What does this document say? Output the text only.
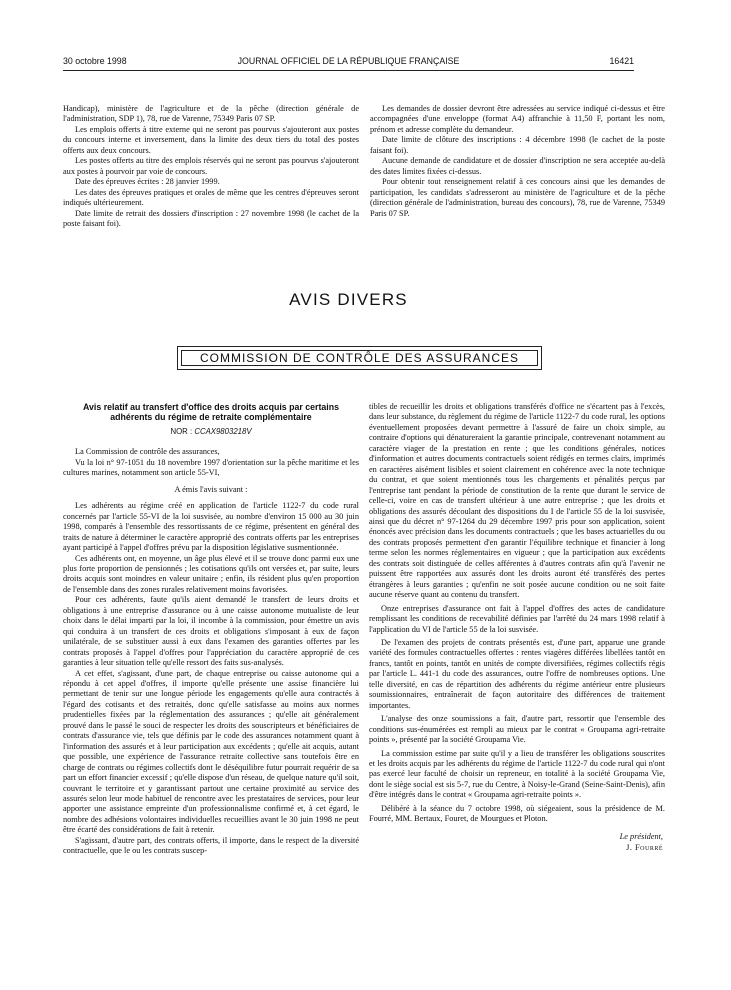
30 octobre 1998	JOURNAL OFFICIEL DE LA RÉPUBLIQUE FRANÇAISE	16421

Handicap), ministère de l'agriculture et de la pêche (direction générale de l'administration, SDP 1), 78, rue de Varenne, 75349 Paris 07 SP.

Les emplois offerts à titre externe qui ne seront pas pourvus s'ajouteront aux postes du concours interne et inversement, dans la limite des deux tiers du total des postes offerts aux deux concours.

Les postes offerts au titre des emplois réservés qui ne seront pas pourvus s'ajouteront aux postes à pourvoir par voie de concours.

Date des épreuves écrites : 28 janvier 1999.

Les dates des épreuves pratiques et orales de même que les centres d'épreuves seront indiqués ultérieurement.

Date limite de retrait des dossiers d'inscription : 27 novembre 1998 (le cachet de la poste faisant foi).

Les demandes de dossier devront être adressées au service indiqué ci-dessus et être accompagnées d'une enveloppe (format A4) affranchie à 11,50 F, portant les nom, prénom et adresse complète du demandeur.

Date limite de clôture des inscriptions : 4 décembre 1998 (le cachet de la poste faisant foi).

Aucune demande de candidature et de dossier d'inscription ne sera acceptée au-delà des dates limites fixées ci-dessus.

Pour obtenir tout renseignement relatif à ces concours ainsi que les demandes de participation, les candidats s'adresseront au ministère de l'agriculture et de la pêche (direction générale de l'administration, bureau des concours), 78, rue de Varenne, 75349 Paris 07 SP.

AVIS DIVERS
COMMISSION DE CONTRÔLE DES ASSURANCES
Avis relatif au transfert d'office des droits acquis par certains adhérents du régime de retraite complémentaire
NOR : CCAX9803218V

La Commission de contrôle des assurances,

Vu la loi n° 97-1051 du 18 novembre 1997 d'orientation sur la pêche maritime et les cultures marines, notamment son article 55-VI,

A émis l'avis suivant :

Les adhérents au régime créé en application de l'article 1122-7 du code rural concernés par l'article 55-VI de la loi susvisée, au nombre d'environ 15 000 au 30 juin 1998, comparés à l'ensemble des ressortissants de ce régime, présentent en général des traits de nature à déterminer le caractère approprié des contrats offerts par les entreprises ayant participé à l'appel d'offres prévu par la disposition législative susmentionnée.

Ces adhérents ont, en moyenne, un âge plus élevé et il se trouve donc parmi eux une plus forte proportion de pensionnés ; les cotisations qu'ils ont versées et, par suite, leurs droits acquis sont moindres en valeur unitaire ; enfin, ils résident plus qu'en proportion de l'ensemble dans des zones rurales relativement moins favorisées.

Pour ces adhérents, faute qu'ils aient demandé le transfert de leurs droits et obligations à une entreprise d'assurance ou à une caisse autonome mutualiste de leur choix dans le délai imparti par la loi, il incombe à la commission, pour émettre un avis qui conduira à un transfert de ces droits et obligations s'imposant à eux de façon unilatérale, de se substituer aussi à eux dans l'examen des garanties offertes par les contrats proposés à l'appel d'offres pour l'appréciation du caractère approprié de ces garanties à leur situation telle qu'elle ressort des faits sus-analysés.

A cet effet, s'agissant, d'une part, de chaque entreprise ou caisse autonome qui a répondu à cet appel d'offres, il importe qu'elle présente une assise financière lui permettant de tenir sur une longue période les engagements qu'elle aura contractés à l'égard des cotisants et des retraités, donc qu'elle satisfasse au moins aux normes prudentielles fixées par la réglementation des assurances ; qu'elle ait généralement prouvé dans le passé le souci de respecter les droits des souscripteurs et bénéficiaires de contrats d'assurance vie, tels que définis par le code des assurances notamment quant à l'information des assurés et à leur participation aux excédents ; qu'elle ait acquis, autant que possible, une expérience de l'assurance retraite collective sans toutefois être en charge de contrats ou régimes collectifs dont le déséquilibre futur pourrait requérir de sa part un effort financier excessif ; qu'elle dispose d'un réseau, de quelque nature qu'il soit, couvrant le territoire et y garantissant partout une certaine proximité au service des assurés selon leur mode habituel de rencontre avec les prestataires de services, pour leur apporter une assistance empreinte d'un professionnalisme confirmé et, à cet égard, le nombre des adhésions volontaires individuelles recueillies avant le 30 juin 1998 ne peut être écarté des considérations de fait à retenir.

S'agissant, d'autre part, des contrats offerts, il importe, dans le respect de la diversité contractuelle, que le ou les contrats suscep-

tibles de recueillir les droits et obligations transférés d'office ne s'écartent pas à l'excès, dans leur substance, du règlement du régime de l'article 1122-7 du code rural, les options éventuellement proposées devant permettre à l'assuré de faire un choix simple, au contraire d'options qui dénatureraient la garantie principale, contrevenant notamment au caractère viager de la prestation en rente ; que les conditions générales, notices d'information et autres documents contractuels soient rédigés en termes clairs, imprimés en caractères aisément lisibles et soient clairement en cohérence avec la note technique du contrat, et que soient mentionnés tous les chargements et pénalités perçus par l'entreprise tant pendant la période de constitution de la rente que durant le service de celle-ci, voire en cas de transfert ultérieur à une autre entreprise ; que les droits et obligations des assurés découlant des dispositions du I de l'article 55 de la loi susvisée, ainsi que du décret n° 97-1264 du 29 décembre 1997 pris pour son application, soient énoncés avec précision dans les documents contractuels ; que les bases actuarielles du ou des contrats proposés permettent d'en garantir l'équilibre technique et financier à long terme selon les normes réglementaires en vigueur ; que la participation aux excédents des contrats soit distinguée de celles afférentes à d'autres contrats afin qu'à l'avenir ne puissent être rapportées aux assurés dont les droits auront été transférés des pertes étrangères à leurs garanties ; qu'enfin ne soit posée aucune condition ou ne soit faite aucune réserve quant au contenu du transfert.

Onze entreprises d'assurance ont fait à l'appel d'offres des actes de candidature remplissant les conditions de recevabilité définies par l'arrêté du 24 mars 1998 relatif à l'application du VI de l'article 55 de la loi susvisée.

De l'examen des projets de contrats présentés est, d'une part, apparue une grande variété des formules contractuelles offertes : rentes viagères différées libellées tantôt en francs, tantôt en points, tantôt en unités de compte diversifiées, régimes collectifs régis par l'article L. 441-1 du code des assurances, outre l'offre de nombreuses options. Une telle diversité, en cas de répartition des adhérents du régime antérieur entre plusieurs soumissionnaires, entraînerait de façon autoritaire des différences de traitement importantes.

L'analyse des onze soumissions a fait, d'autre part, ressortir que l'ensemble des conditions sus-énumérées est rempli au mieux par le contrat « Groupama agri-retraite points », présenté par la société Groupama Vie.

La commission estime par suite qu'il y a lieu de transférer les obligations souscrites et les droits acquis par les adhérents du régime de l'article 1122-7 du code rural qui n'ont pas exercé leur faculté de choisir un repreneur, en totalité à la société Groupama Vie, dont le siège social est sis 5-7, rue du Centre, à Noisy-le-Grand (Seine-Saint-Denis), afin d'être intégrés dans le contrat « Groupama agri-retraite points ».

Délibéré à la séance du 7 octobre 1998, où siégeaient, sous la présidence de M. Fourré, MM. Bertaux, Fouret, de Mourgues et Ploton.

Le président,
J. Fourré
